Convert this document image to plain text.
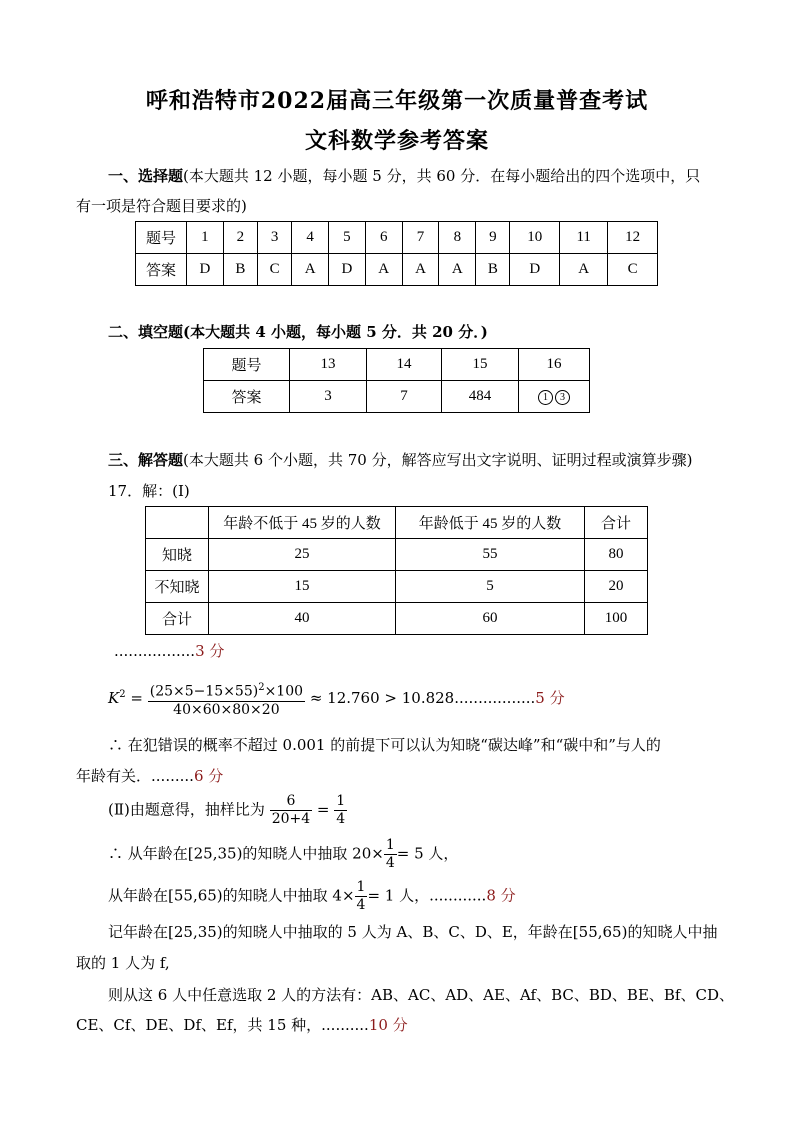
呼和浩特市2022届高三年级第一次质量普查考试
文科数学参考答案
一、选择题(本大题共 12 小题，每小题 5 分，共 60 分．在每小题给出的四个选项中，只
有一项是符合题目要求的)
题号	1	2	3	4	5	6	7	8	9	10	11	12
答案	D	B	C	A	D	A	A	A	B	D	A	C
二、填空题(本大题共 4 小题，每小题 5 分．共 20 分．)
题号	13	14	15	16
答案	3	7	484	1 3
三、解答题(本大题共 6 个小题，共 70 分，解答应写出文字说明、证明过程或演算步骤)
17．解：(Ⅰ)
	年龄不低于 45 岁的人数	年龄低于 45 岁的人数	合计
知晓	25	55	80
不知晓	15	5	20
合计	40	60	100
.................3 分
$K^2 = \frac{(25\times 5-15\times 55)^2\times 100}{40\times 60\times 80\times 20} \approx 12.760 > 10.828.................5$ 分
∴ 在犯错误的概率不超过 0.001 的前提下可以认为知晓“碳达峰”和“碳中和”与人的
年龄有关．.........6 分
(Ⅱ)由题意得，抽样比为 $\frac{6}{20+4} = \frac{1}{4}$
∴ 从年龄在[25,35)的知晓人中抽取 $20\times \frac{1}{4} = 5$ 人，
从年龄在[55,65)的知晓人中抽取 $4\times \frac{1}{4} = 1$ 人，............8 分
记年龄在[25,35)的知晓人中抽取的 5 人为 A、B、C、D、E，年龄在[55,65)的知晓人中抽
取的 1 人为 f,
则从这 6 人中任意选取 2 人的方法有：AB、AC、AD、AE、Af、BC、BD、BE、Bf、CD、
CE、Cf、DE、Df、Ef，共 15 种，..........10 分
